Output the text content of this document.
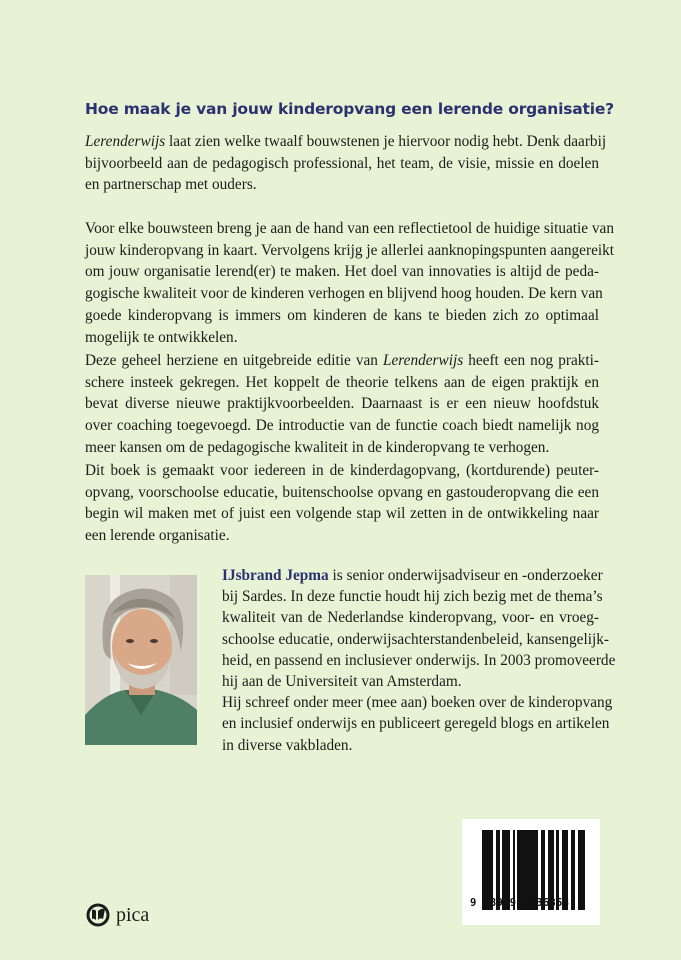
Hoe maak je van jouw kinderopvang een lerende organisatie?

Lerenderwijs laat zien welke twaalf bouwstenen je hiervoor nodig hebt. Denk daarbij
bijvoorbeeld aan de pedagogisch professional, het team, de visie, missie en doelen
en partnerschap met ouders.

Voor elke bouwsteen breng je aan de hand van een reflectietool de huidige situatie van
jouw kinderopvang in kaart. Vervolgens krijg je allerlei aanknopingspunten aangereikt
om jouw organisatie lerend(er) te maken. Het doel van innovaties is altijd de peda-
gogische kwaliteit voor de kinderen verhogen en blijvend hoog houden. De kern van
goede kinderopvang is immers om kinderen de kans te bieden zich zo optimaal
mogelijk te ontwikkelen.

Deze geheel herziene en uitgebreide editie van Lerenderwijs heeft een nog prakti-
schere insteek gekregen. Het koppelt de theorie telkens aan de eigen praktijk en
bevat diverse nieuwe praktijkvoorbeelden. Daarnaast is er een nieuw hoofdstuk
over coaching toegevoegd. De introductie van de functie coach biedt namelijk nog
meer kansen om de pedagogische kwaliteit in de kinderopvang te verhogen.

Dit boek is gemaakt voor iedereen in de kinderdagopvang, (kortdurende) peuter-
opvang, voorschoolse educatie, buitenschoolse opvang en gastouderopvang die een
begin wil maken met of juist een volgende stap wil zetten in de ontwikkeling naar
een lerende organisatie.

IJsbrand Jepma is senior onderwijsadviseur en -onderzoeker
bij Sardes. In deze functie houdt hij zich bezig met de thema’s
kwaliteit van de Nederlandse kinderopvang, voor- en vroeg-
schoolse educatie, onderwijsachterstandenbeleid, kansengelijk-
heid, en passend en inclusiever onderwijs. In 2003 promoveerde
hij aan de Universiteit van Amsterdam.
Hij schreef onder meer (mee aan) boeken over de kinderopvang
en inclusief onderwijs en publiceert geregeld blogs en artikelen
in diverse vakbladen.

9 789493 336353
pica
